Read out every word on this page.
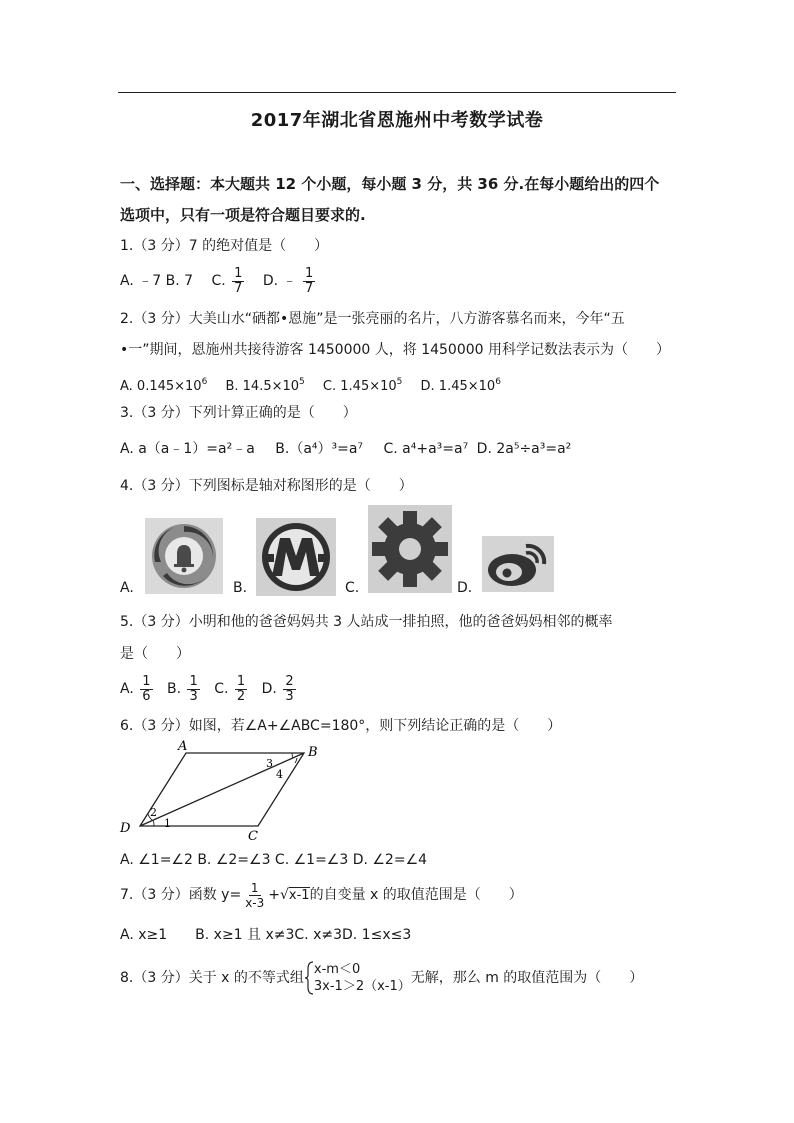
2017年湖北省恩施州中考数学试卷
一、选择题：本大题共 12 个小题，每小题 3 分，共 36 分.在每小题给出的四个
选项中，只有一项是符合题目要求的.
1.（3 分）7 的绝对值是（　　）
A. ﹣7 B. 7 C. $\frac{1}{7} D$. ﹣ $\frac{1}{7}$
2.（3 分）大美山水“硒都•恩施”是一张亮丽的名片，八方游客慕名而来，今年“五
•一”期间，恩施州共接待游客 1450000 人，将 1450000 用科学记数法表示为（　　）
A. $0.145\times 10^6$ B. $14.5\times 10^5$ C. $1.45\times 10^5$ D. $1.45\times 10^6$
3.（3 分）下列计算正确的是（　　）
A. a（a﹣1）=a²﹣a B.（a⁴）³=a⁷ C. a⁴+a³=a⁷ D. 2a⁵÷a³=a²
4.（3 分）下列图标是轴对称图形的是（　　）
A.	B.	C.	D.
5.（3 分）小明和他的爸爸妈妈共 3 人站成一排拍照，他的爸爸妈妈相邻的概率
是（　　）
A. $\frac{1}{6} B$. $\frac{1}{3} C$. $\frac{1}{2} D$. $\frac{2}{3}$
6.（3 分）如图，若∠A+∠ABC=180°，则下列结论正确的是（　　）
A	B
C
D	1
2
3
4
A. ∠1=∠2 B. ∠2=∠3 C. ∠1=∠3 D. ∠2=∠4
7.（3 分）函数 $y= \frac{1}{x-3} +√x-1$的自变量 x 的取值范围是（　　）
A. x≥1　　B. x≥1 且 x≠3C. x≠3D. 1≤x≤3
8.（3 分）关于 x 的不等式组
x-m＜0
3x-1＞2（x-1）
无解，那么 m 的取值范围为（　　）
